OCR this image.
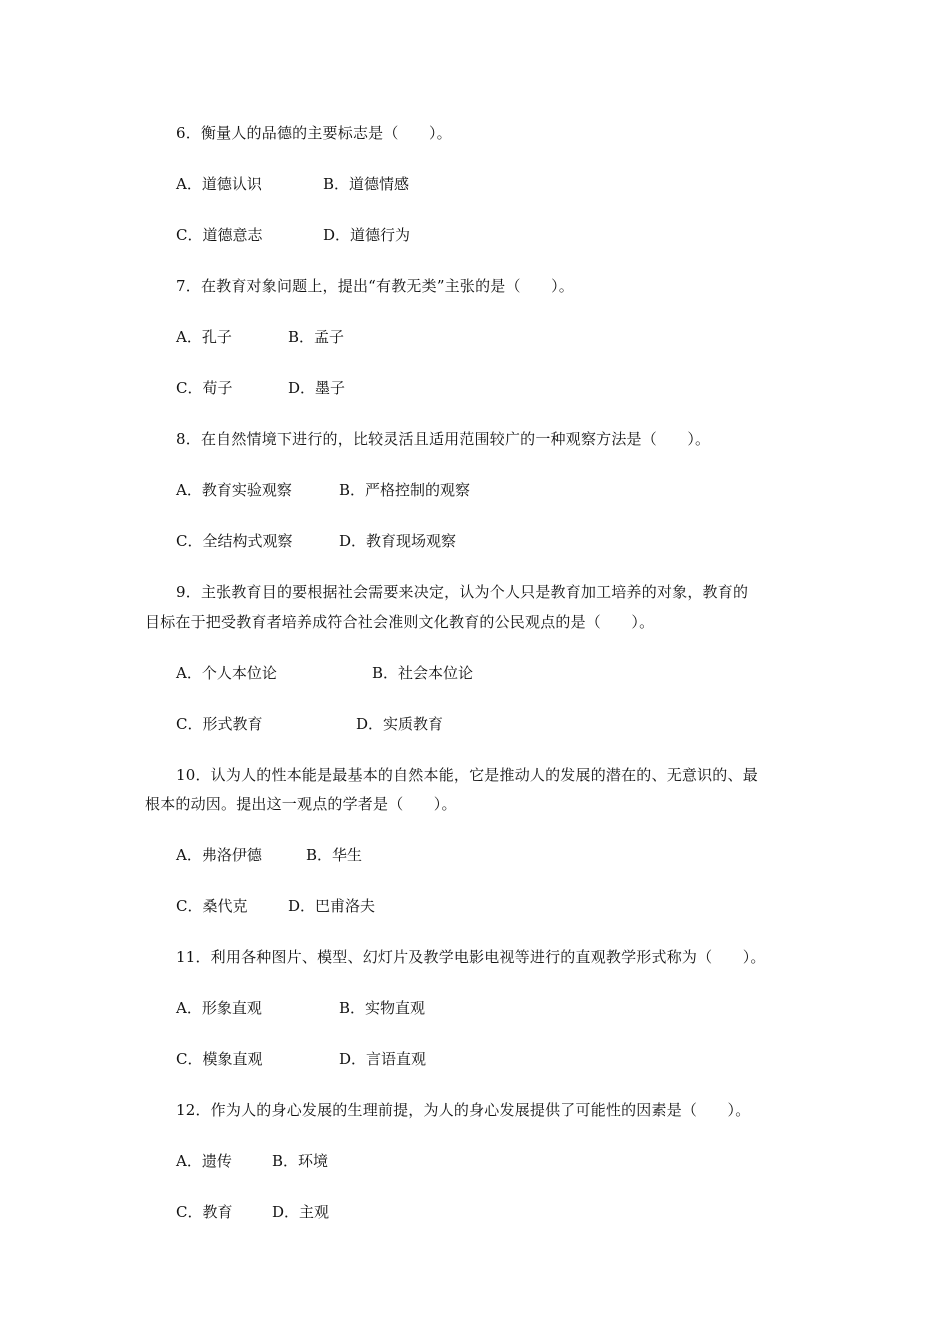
6．衡量人的品德的主要标志是（　　）。
A．道德认识	B．道德情感
C．道德意志	D．道德行为
7．在教育对象问题上，提出“有教无类”主张的是（　　）。
A．孔子	B．孟子
C．荀子	D．墨子
8．在自然情境下进行的，比较灵活且适用范围较广的一种观察方法是（　　）。
A．教育实验观察	B．严格控制的观察
C．全结构式观察	D．教育现场观察
9．主张教育目的要根据社会需要来决定，认为个人只是教育加工培养的对象，教育的
目标在于把受教育者培养成符合社会准则文化教育的公民观点的是（　　）。
A．个人本位论	B．社会本位论
C．形式教育	D．实质教育
10．认为人的性本能是最基本的自然本能，它是推动人的发展的潜在的、无意识的、最
根本的动因。提出这一观点的学者是（　　）。
A．弗洛伊德	B．华生
C．桑代克	D．巴甫洛夫
11．利用各种图片、模型、幻灯片及教学电影电视等进行的直观教学形式称为（　　）。
A．形象直观	B．实物直观
C．模象直观	D．言语直观
12．作为人的身心发展的生理前提，为人的身心发展提供了可能性的因素是（　　）。
A．遗传	B．环境
C．教育	D．主观
